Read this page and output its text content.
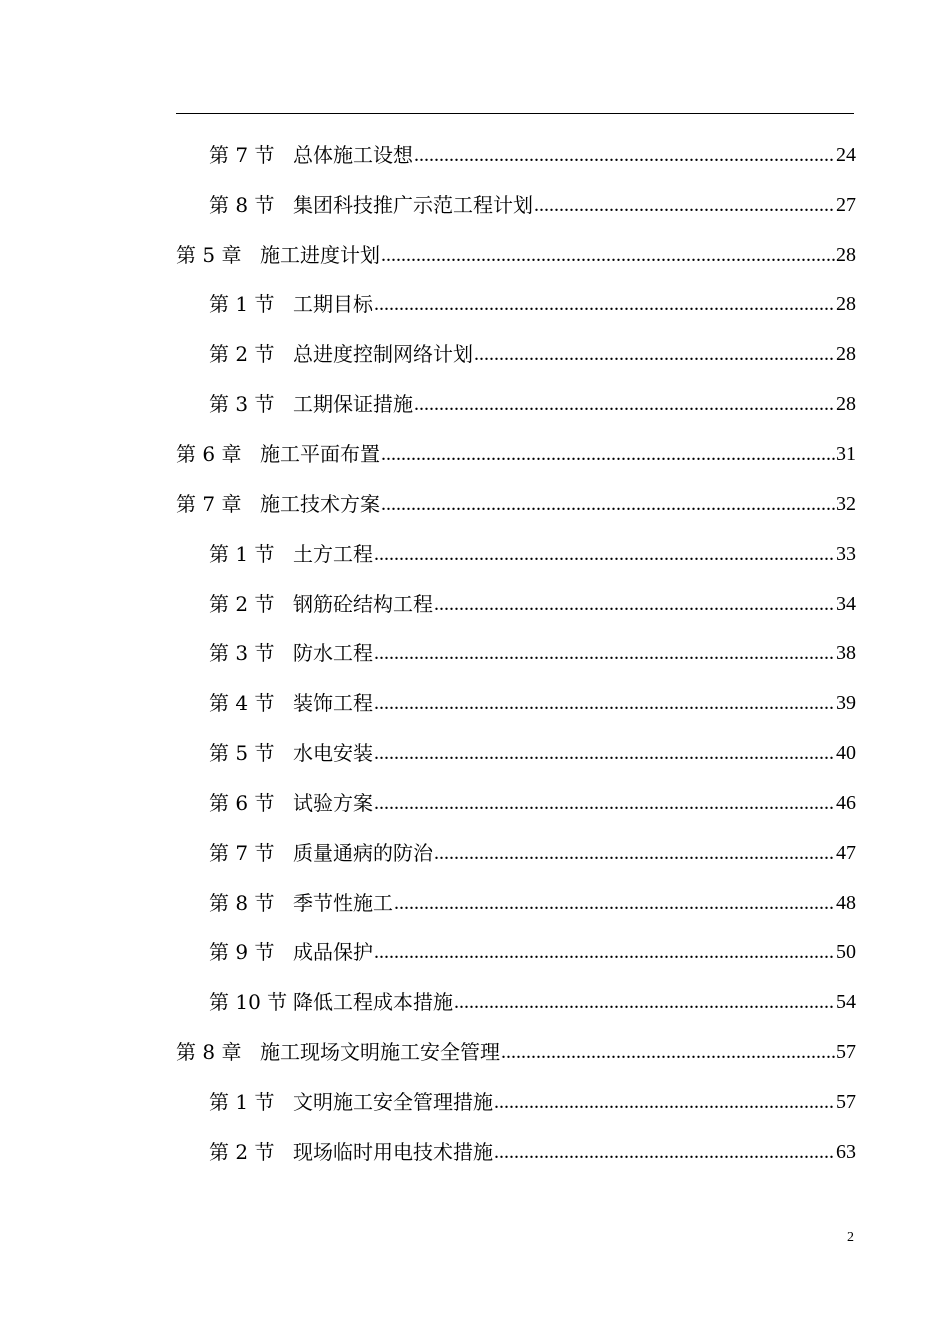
第 7 节 总体施工设想 .....	24
第 8 节 集团科技推广示范工程计划 .....	27
第 5 章 施工进度计划 .....	28
第 1 节 工期目标 .....	28
第 2 节 总进度控制网络计划 .....	28
第 3 节 工期保证措施 .....	28
第 6 章 施工平面布置 .....	31
第 7 章 施工技术方案 .....	32
第 1 节 土方工程 .....	33
第 2 节 钢筋砼结构工程 .....	34
第 3 节 防水工程 .....	38
第 4 节 装饰工程 .....	39
第 5 节 水电安装 .....	40
第 6 节 试验方案 .....	46
第 7 节 质量通病的防治 .....	47
第 8 节 季节性施工 .....	48
第 9 节 成品保护 .....	50
第 10 节 降低工程成本措施 .....	54
第 8 章 施工现场文明施工安全管理 .....	57
第 1 节 文明施工安全管理措施 .....	57
第 2 节 现场临时用电技术措施 .....	63
2
